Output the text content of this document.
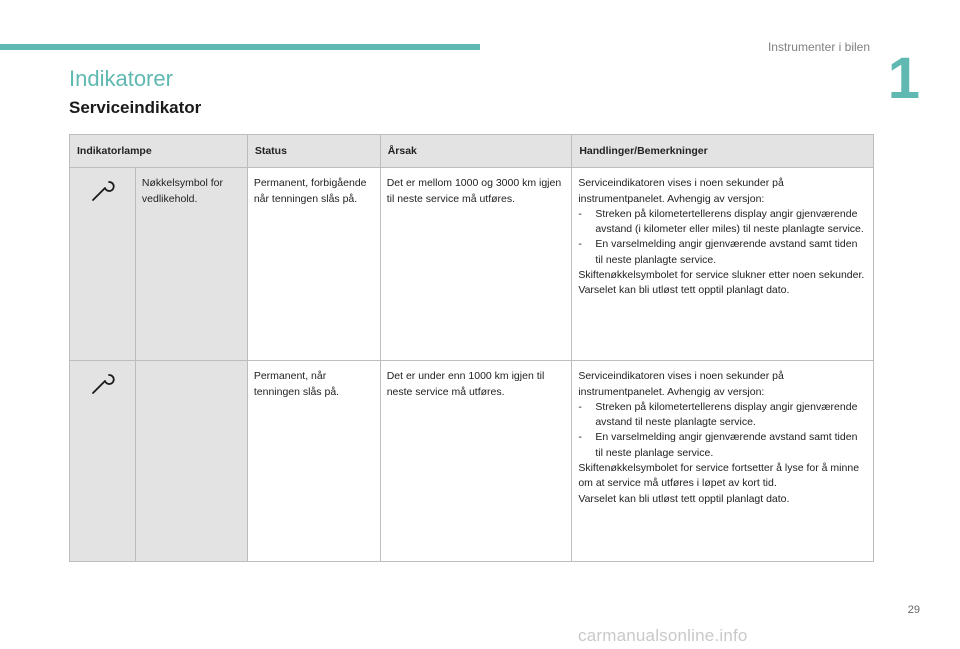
Instrumenter i bilen 1
Indikatorer
Serviceindikator
Indikatorlampe		Status	Årsak	Handlinger/Bemerkninger
	Nøkkelsymbol for vedlikehold.	Permanent, forbigående når tenningen slås på.	Det er mellom 1000 og 3000 km igjen til neste service må utføres.	Serviceindikatoren vises i noen sekunder på instrumentpanelet. Avhengig av versjon:
- Streken på kilometertellerens display angir gjenværende avstand (i kilometer eller miles) til neste planlagte service.
- En varselmelding angir gjenværende avstand samt tiden til neste planlagte service.
Skiftenøkkelsymbolet for service slukner etter noen sekunder.
Varselet kan bli utløst tett opptil planlagt dato.

		Permanent, når tenningen slås på.	Det er under enn 1000 km igjen til neste service må utføres.	Serviceindikatoren vises i noen sekunder på instrumentpanelet. Avhengig av versjon:
- Streken på kilometertellerens display angir gjenværende avstand til neste planlagte service.
- En varselmelding angir gjenværende avstand samt tiden til neste planlage service.
Skiftenøkkelsymbolet for service fortsetter å lyse for å minne om at service må utføres i løpet av kort tid.
Varselet kan bli utløst tett opptil planlagt dato.
29
carmanualsonline.info
